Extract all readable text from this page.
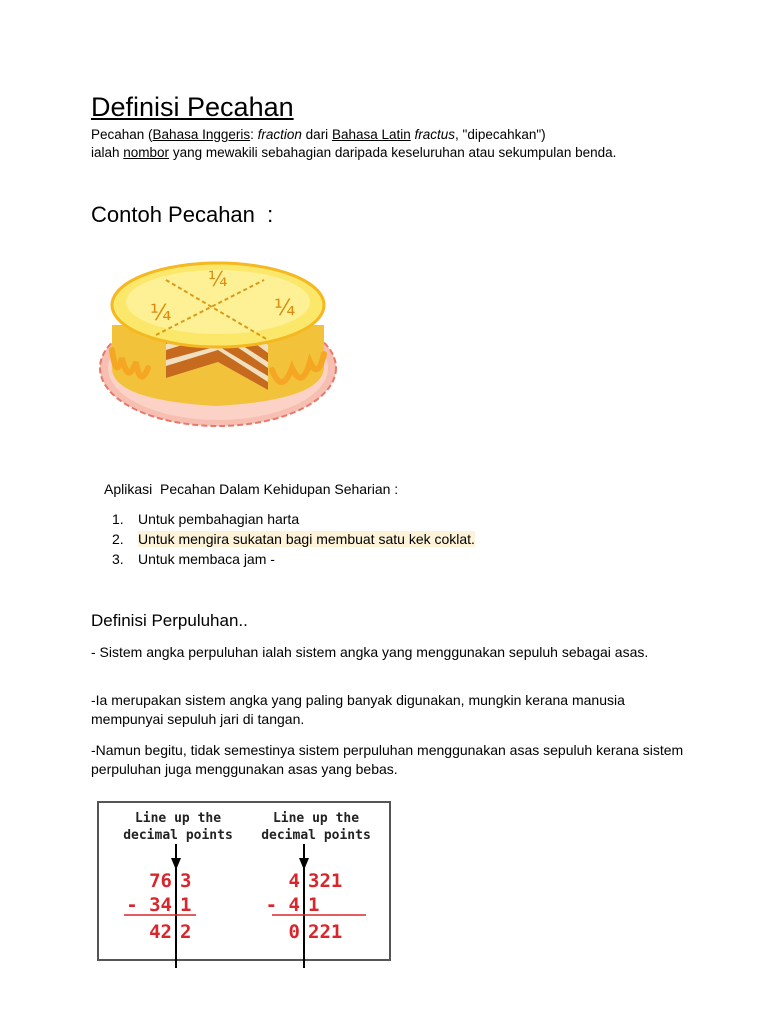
Definisi Pecahan
Pecahan (Bahasa Inggeris: fraction dari Bahasa Latin fractus, "dipecahkan")
ialah nombor yang mewakili sebahagian daripada keseluruhan atau sekumpulan benda.
Contoh Pecahan  :
¼
¼	¼
Aplikasi  Pecahan Dalam Kehidupan Seharian :
1. Untuk pembahagian harta
2. Untuk mengira sukatan bagi membuat satu kek coklat.
3. Untuk membaca jam -
Definisi Perpuluhan..
- Sistem angka perpuluhan ialah sistem angka yang menggunakan sepuluh sebagai asas.
-Ia merupakan sistem angka yang paling banyak digunakan, mungkin kerana manusia mempunyai sepuluh jari di tangan.
-Namun begitu, tidak semestinya sistem perpuluhan menggunakan asas sepuluh kerana sistem perpuluhan juga menggunakan asas yang bebas.
Line up the
decimal points
Line up the
decimal points
76 3
- 34 1
42 2
4 321
- 4 1
0 221
